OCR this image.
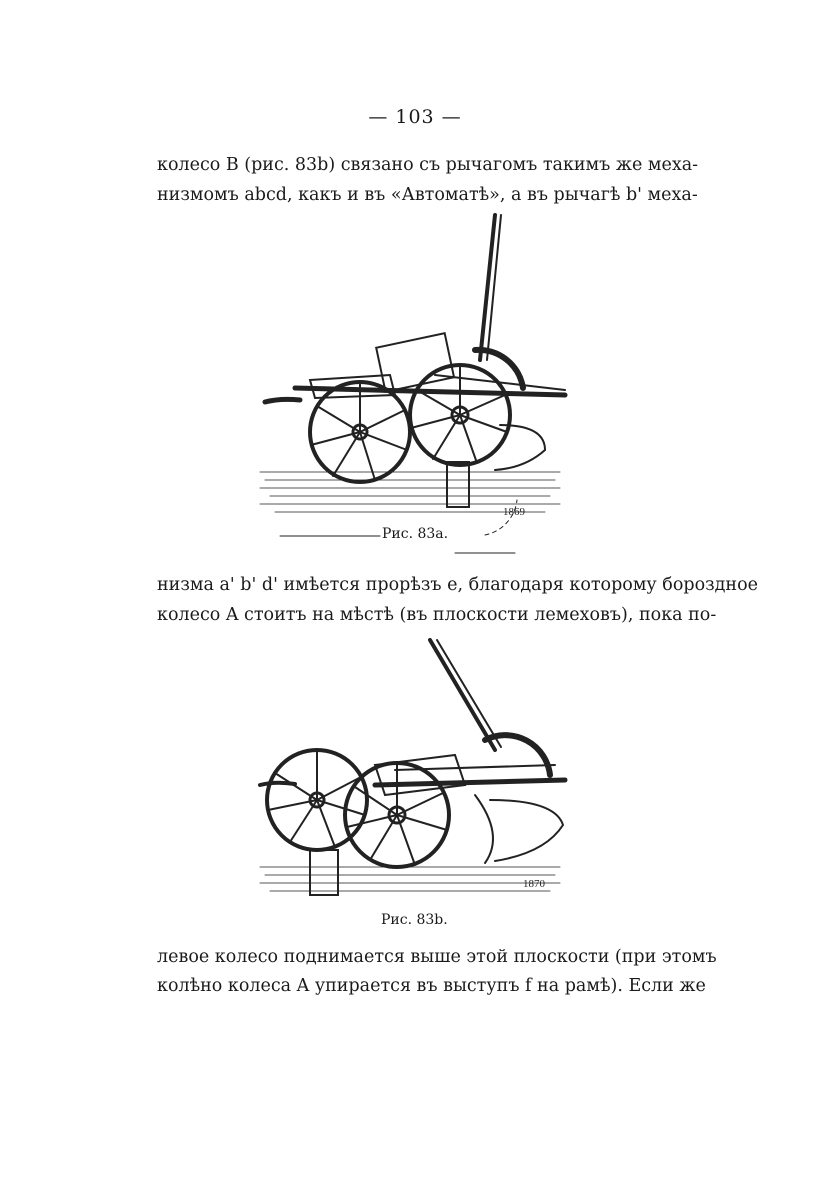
— 103 —
колесо B (рис. 83b) связано съ рычагомъ такимъ же меха-
низмомъ abcd, какъ и въ «Автоматѣ», а въ рычагѣ b' меха-
1869
Рис. 83a.
низма a' b' d' имѣется прорѣзъ e, благодаря которому бороздное
колесо A стоитъ на мѣстѣ (въ плоскости лемеховъ), пока по-
1870
Рис. 83b.
левое колесо поднимается выше этой плоскости (при этомъ
колѣно колеса A упирается въ выступъ f на рамѣ). Если же
